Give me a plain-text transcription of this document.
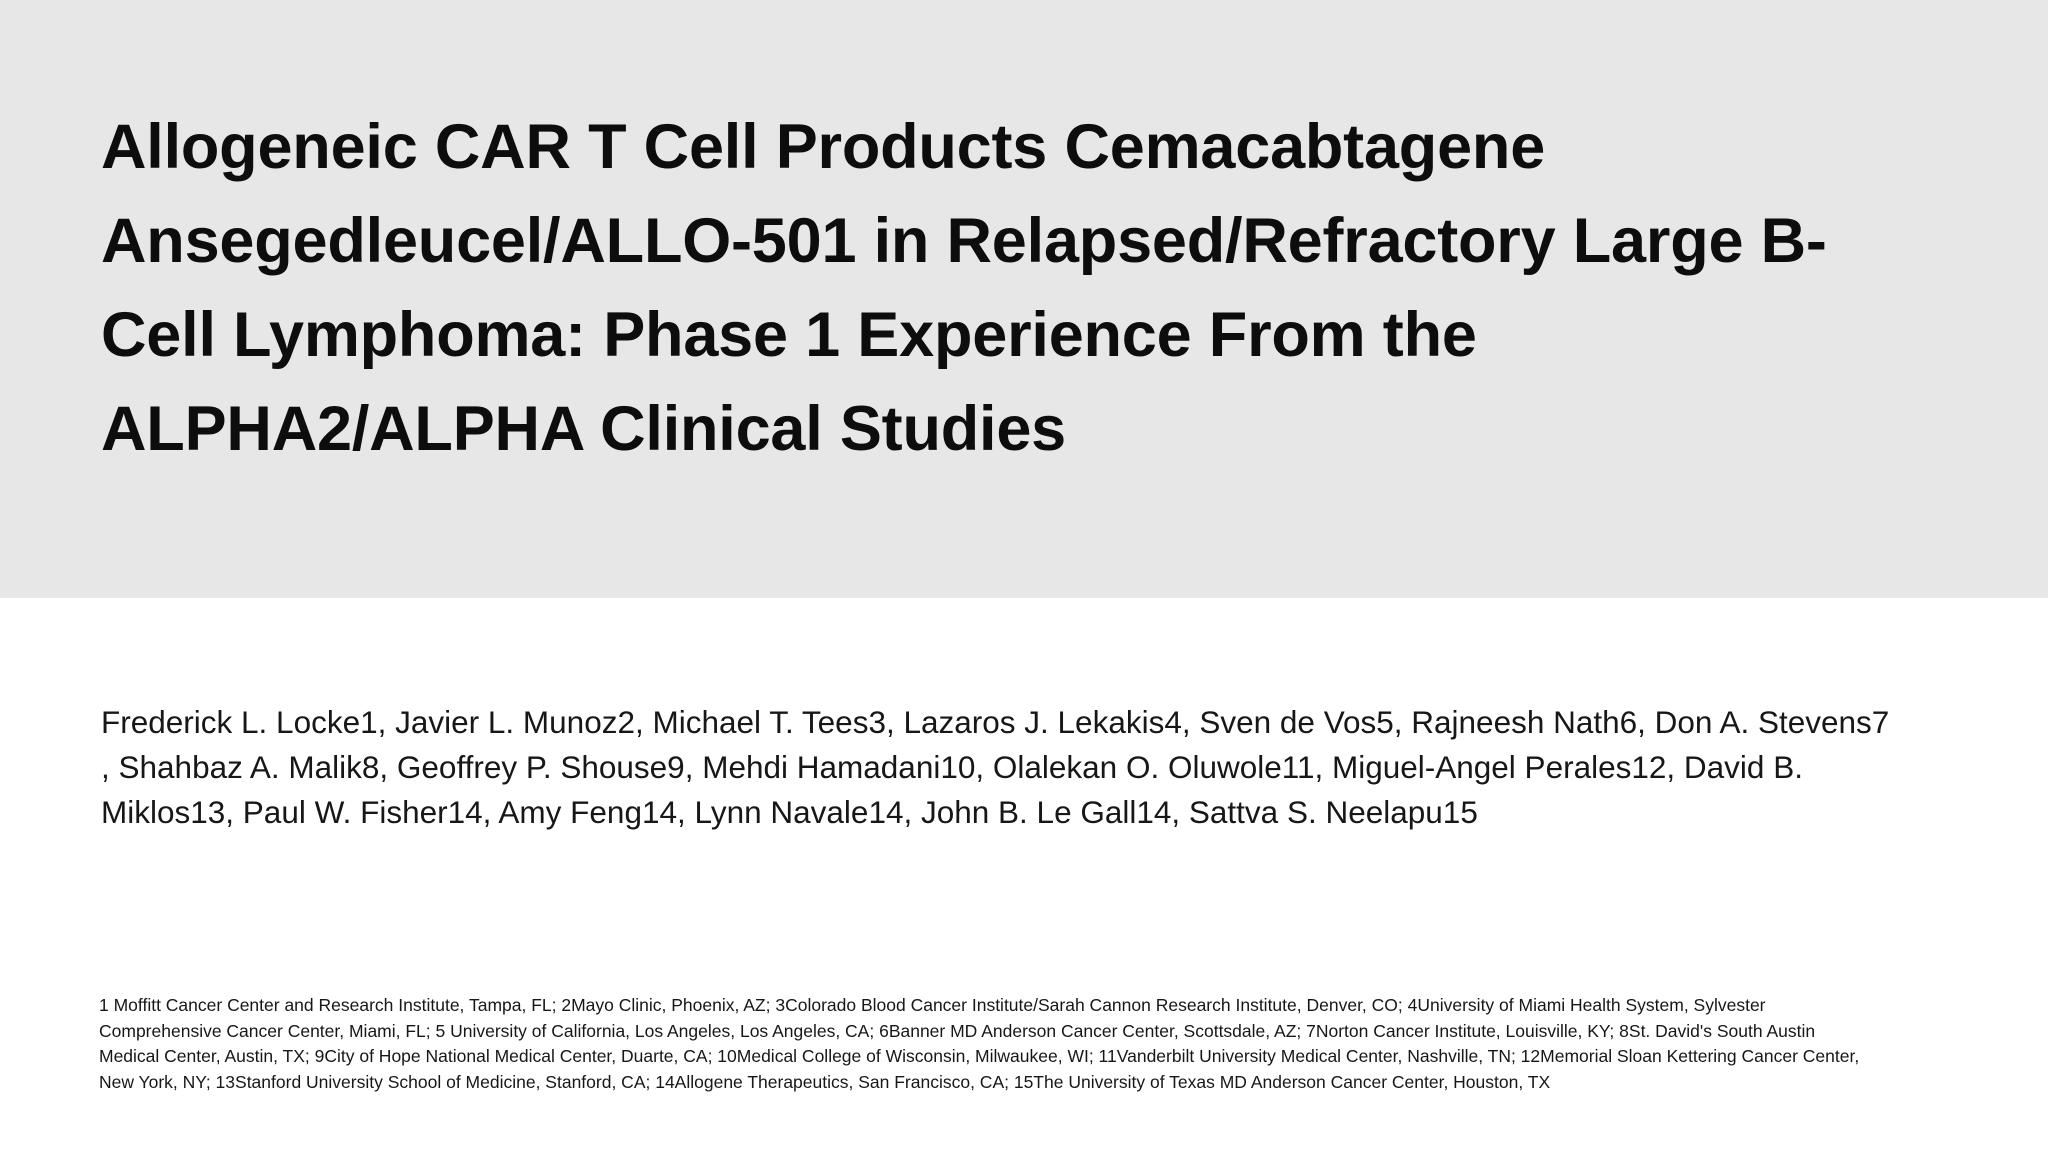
Allogeneic CAR T Cell Products Cemacabtagene Ansegedleucel/ALLO-501 in Relapsed/Refractory Large B-Cell Lymphoma: Phase 1 Experience From the ALPHA2/ALPHA Clinical Studies
Frederick L. Locke1, Javier L. Munoz2, Michael T. Tees3, Lazaros J. Lekakis4, Sven de Vos5, Rajneesh Nath6, Don A. Stevens7 , Shahbaz A. Malik8, Geoffrey P. Shouse9, Mehdi Hamadani10, Olalekan O. Oluwole11, Miguel-Angel Perales12, David B. Miklos13, Paul W. Fisher14, Amy Feng14, Lynn Navale14, John B. Le Gall14, Sattva S. Neelapu15
1 Moffitt Cancer Center and Research Institute, Tampa, FL; 2Mayo Clinic, Phoenix, AZ; 3Colorado Blood Cancer Institute/Sarah Cannon Research Institute, Denver, CO; 4University of Miami Health System, Sylvester Comprehensive Cancer Center, Miami, FL; 5 University of California, Los Angeles, Los Angeles, CA; 6Banner MD Anderson Cancer Center, Scottsdale, AZ; 7Norton Cancer Institute, Louisville, KY; 8St. David's South Austin Medical Center, Austin, TX; 9City of Hope National Medical Center, Duarte, CA; 10Medical College of Wisconsin, Milwaukee, WI; 11Vanderbilt University Medical Center, Nashville, TN; 12Memorial Sloan Kettering Cancer Center, New York, NY; 13Stanford University School of Medicine, Stanford, CA; 14Allogene Therapeutics, San Francisco, CA; 15The University of Texas MD Anderson Cancer Center, Houston, TX
